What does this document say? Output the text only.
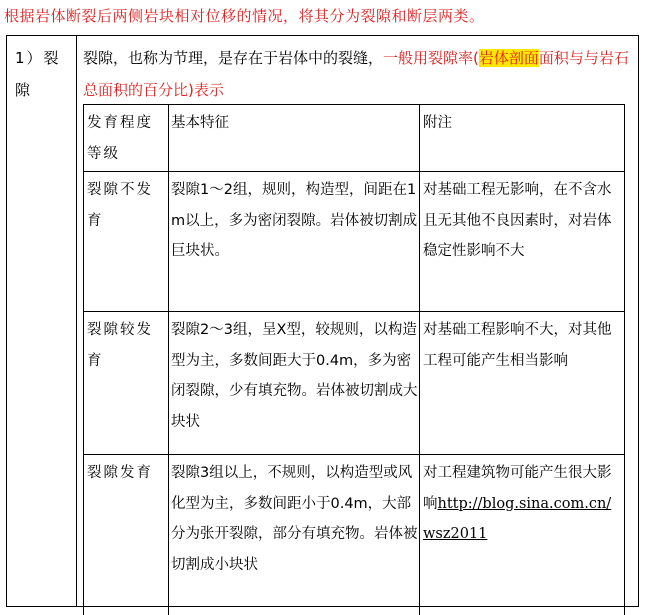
根据岩体断裂后两侧岩块相对位移的情况，将其分为裂隙和断层两类。
1）裂隙
裂隙，也称为节理，是存在于岩体中的裂缝，一般用裂隙率(岩体剖面面积与与岩石总面积的百分比)表示
发育程度等级
基本特征	附注
裂隙不发育
裂隙1～2组，规则，构造型，间距在1m以上，多为密闭裂隙。岩体被切割成巨块状。
对基础工程无影响，在不含水且无其他不良因素时，对岩体稳定性影响不大
裂隙较发育
裂隙2～3组，呈X型，较规则，以构造型为主，多数间距大于0.4m，多为密闭裂隙，少有填充物。岩体被切割成大块状
对基础工程影响不大，对其他工程可能产生相当影响
裂隙发育	裂隙3组以上，不规则，以构造型或风化型为主，多数间距小于0.4m，大部分为张开裂隙，部分有填充物。岩体被切割成小块状
对工程建筑物可能产生很大影响http://blog.sina.com.cn/wsz2011
